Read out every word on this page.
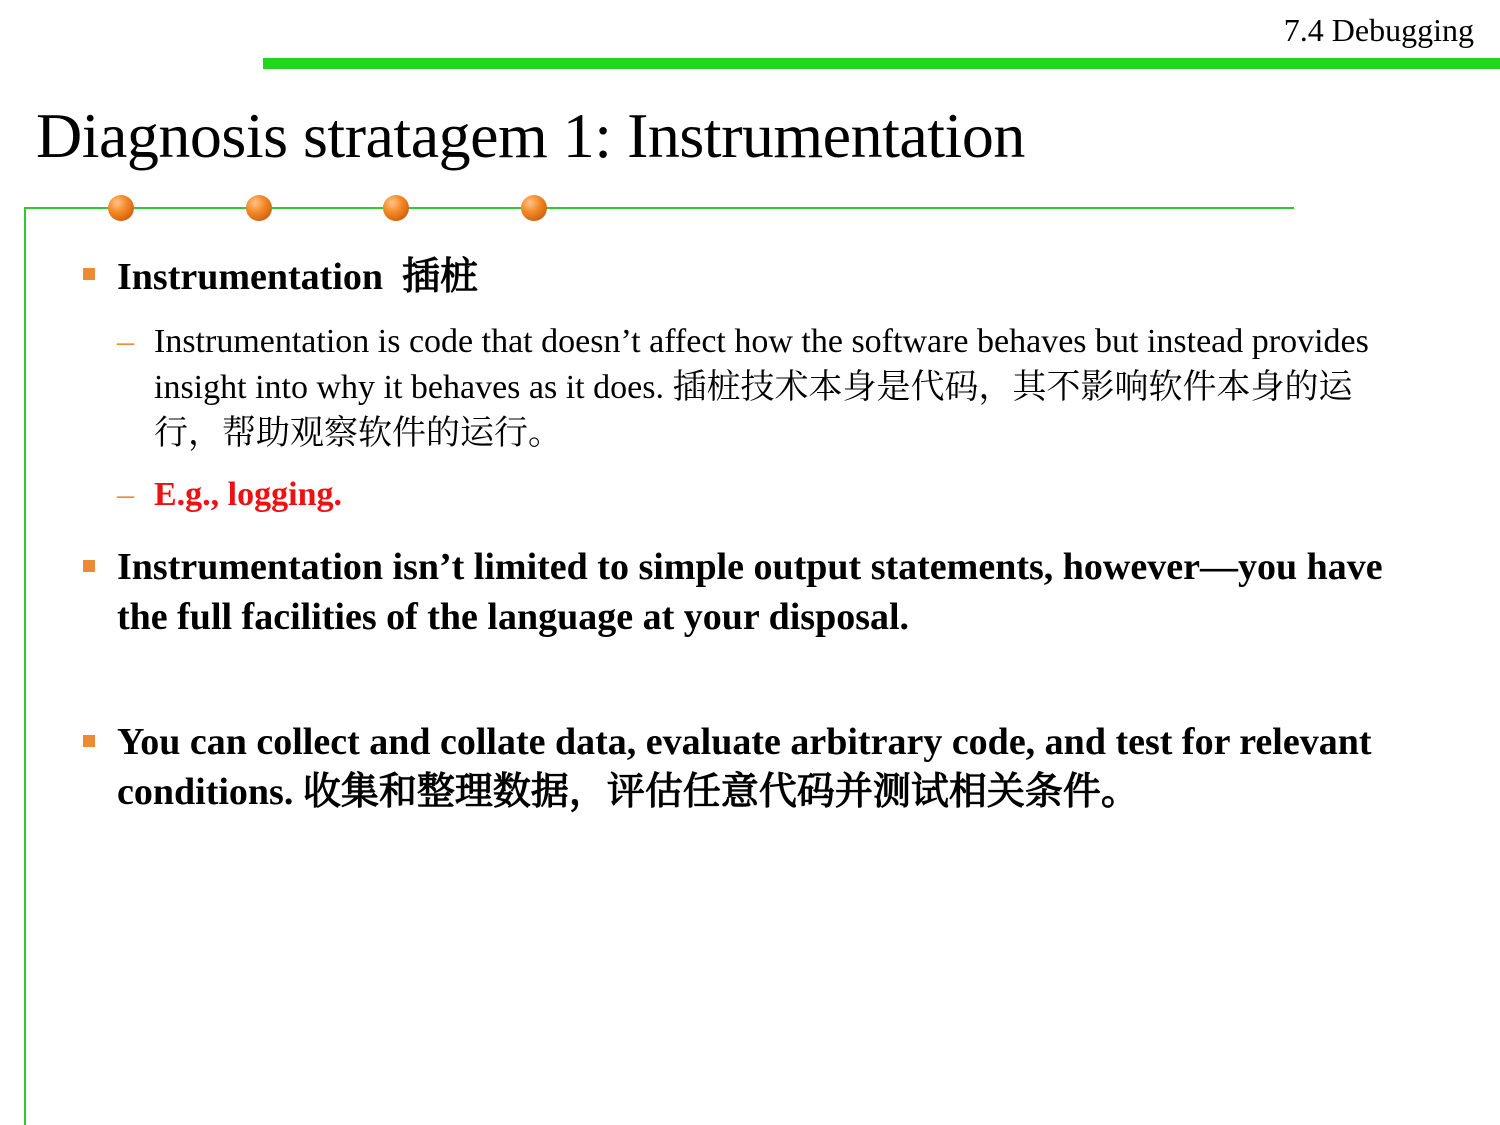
7.4 Debugging
Diagnosis stratagem 1: Instrumentation

Instrumentation  插桩

– Instrumentation is code that doesn’t affect how the software behaves but instead provides insight into why it behaves as it does. 插桩技术本身是代码，其不影响软件本身的运行，帮助观察软件的运行。

– E.g., logging.

Instrumentation isn’t limited to simple output statements, however—you have the full facilities of the language at your disposal.

You can collect and collate data, evaluate arbitrary code, and test for relevant conditions. 收集和整理数据，评估任意代码并测试相关条件。
